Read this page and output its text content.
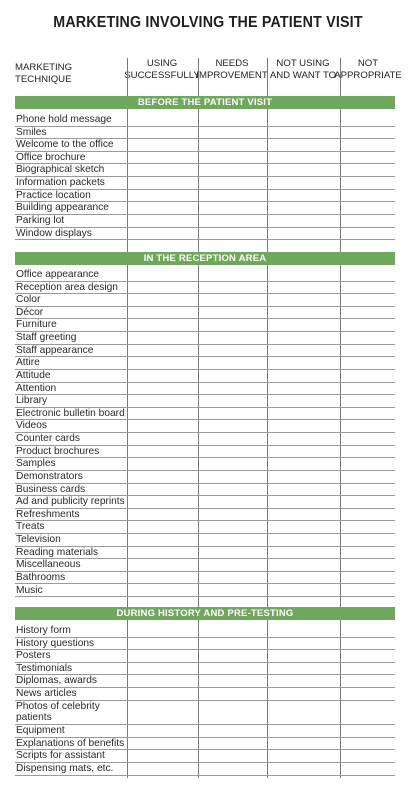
MARKETING INVOLVING THE PATIENT VISIT
MARKETING TECHNIQUE
USING SUCCESSFULLY
NEEDS IMPROVEMENT
NOT USING AND WANT TO
NOT APPROPRIATE
BEFORE THE PATIENT VISIT
Phone hold message
Smiles
Welcome to the office
Office brochure
Biographical sketch
Information packets
Practice location
Building appearance
Parking lot
Window displays
IN THE RECEPTION AREA
Office appearance
Reception area design
Color
Décor
Furniture
Staff greeting
Staff appearance
Attire
Attitude
Attention
Library
Electronic bulletin board
Videos
Counter cards
Product brochures
Samples
Demonstrators
Business cards
Ad and publicity reprints
Refreshments
Treats
Television
Reading materials
Miscellaneous
Bathrooms
Music
DURING HISTORY AND PRE-TESTING
History form
History questions
Posters
Testimonials
Diplomas, awards
News articles
Photos of celebrity patients
Equipment
Explanations of benefits
Scripts for assistant
Dispensing mats, etc.
